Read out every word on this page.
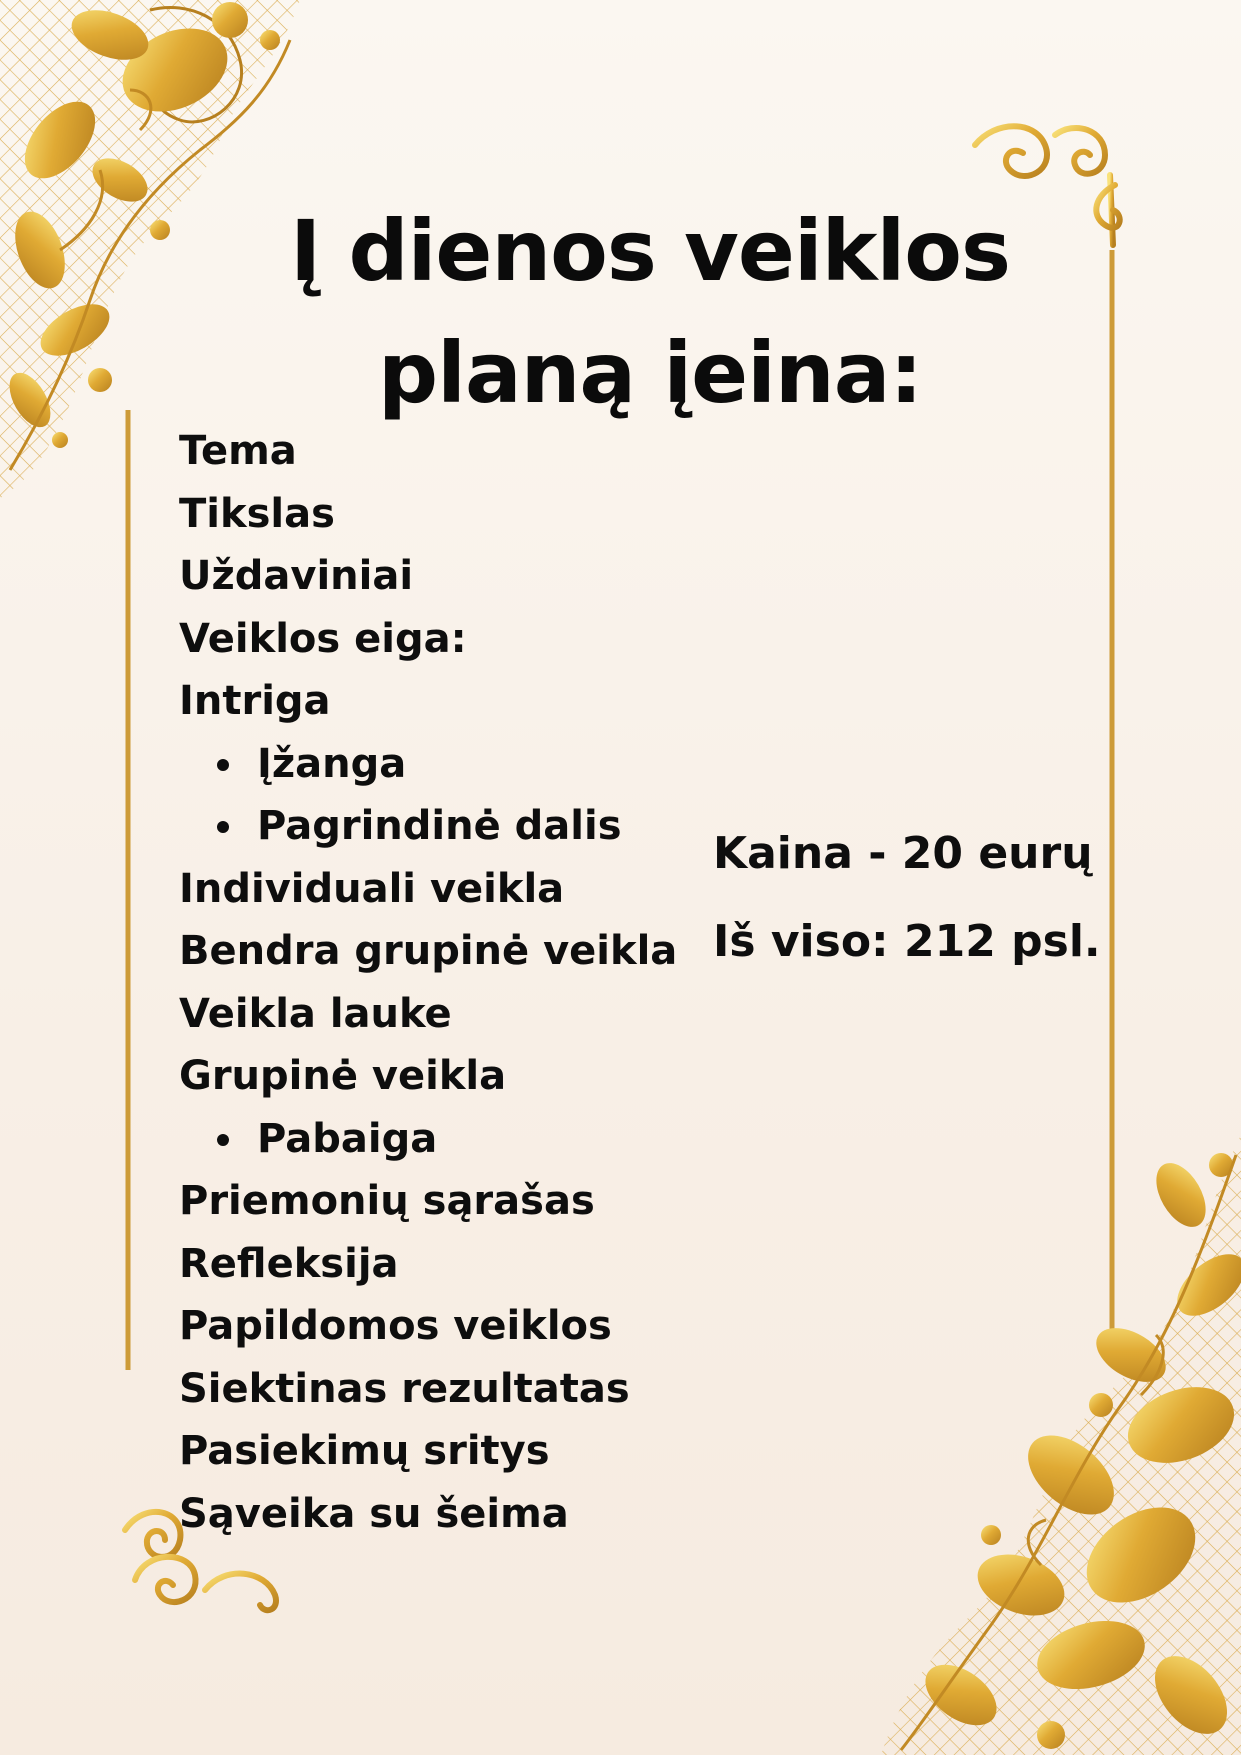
Į dienos veiklos
planą įeina:
Tema
Tikslas
Uždaviniai
Veiklos eiga:
Intriga
Įžanga
Pagrindinė dalis
Individuali veikla
Bendra grupinė veikla
Veikla lauke
Grupinė veikla
Pabaiga
Priemonių sąrašas
Refleksija
Papildomos veiklos
Siektinas rezultatas
Pasiekimų sritys
Sąveika su šeima
Kaina - 20 eurų
Iš viso: 212 psl.
